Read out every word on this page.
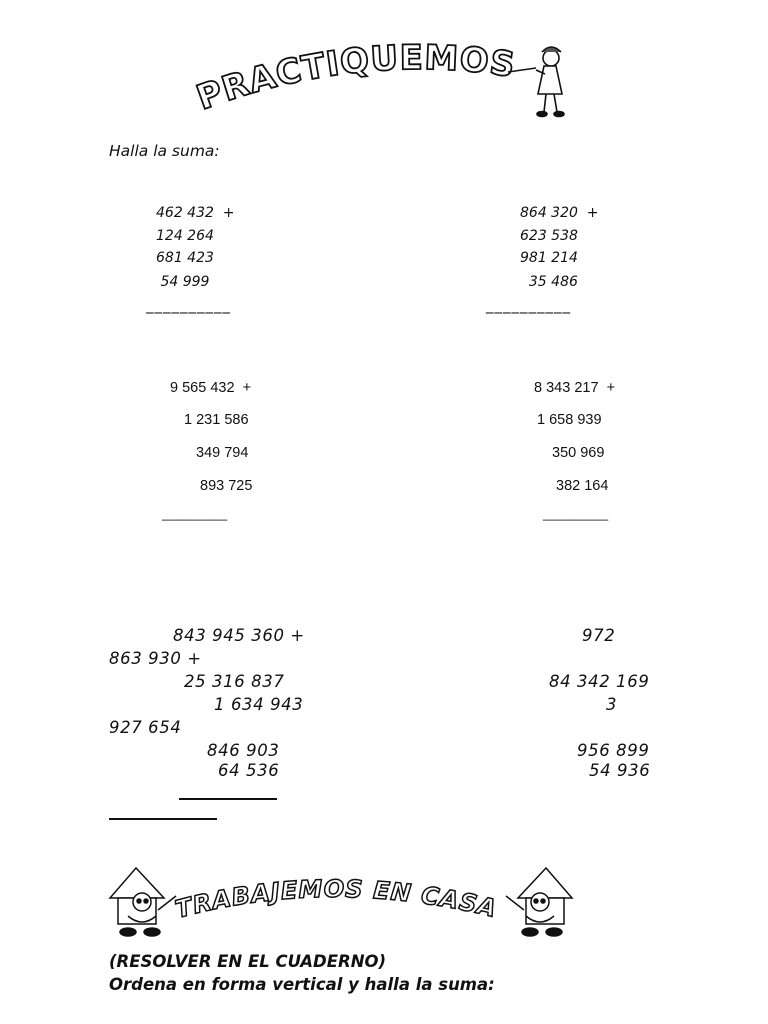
PRACTIQUEMOS
Halla la suma:
462 432  +
124 264
681 423
54 999
__________
864 320  +
623 538
981 214
35 486
__________
9 565 432  +
1 231 586
349 794
893 725
_________
8 343 217  +
1 658 939
350 969
382 164
_________
843 945 360 +
863 930 +
25 316 837
1 634 943
927 654
846 903
64 536
972
84 342 169
3
956 899
54 936
TRABAJEMOS EN CASA
(RESOLVER EN EL CUADERNO)
Ordena en forma vertical y halla la suma:
